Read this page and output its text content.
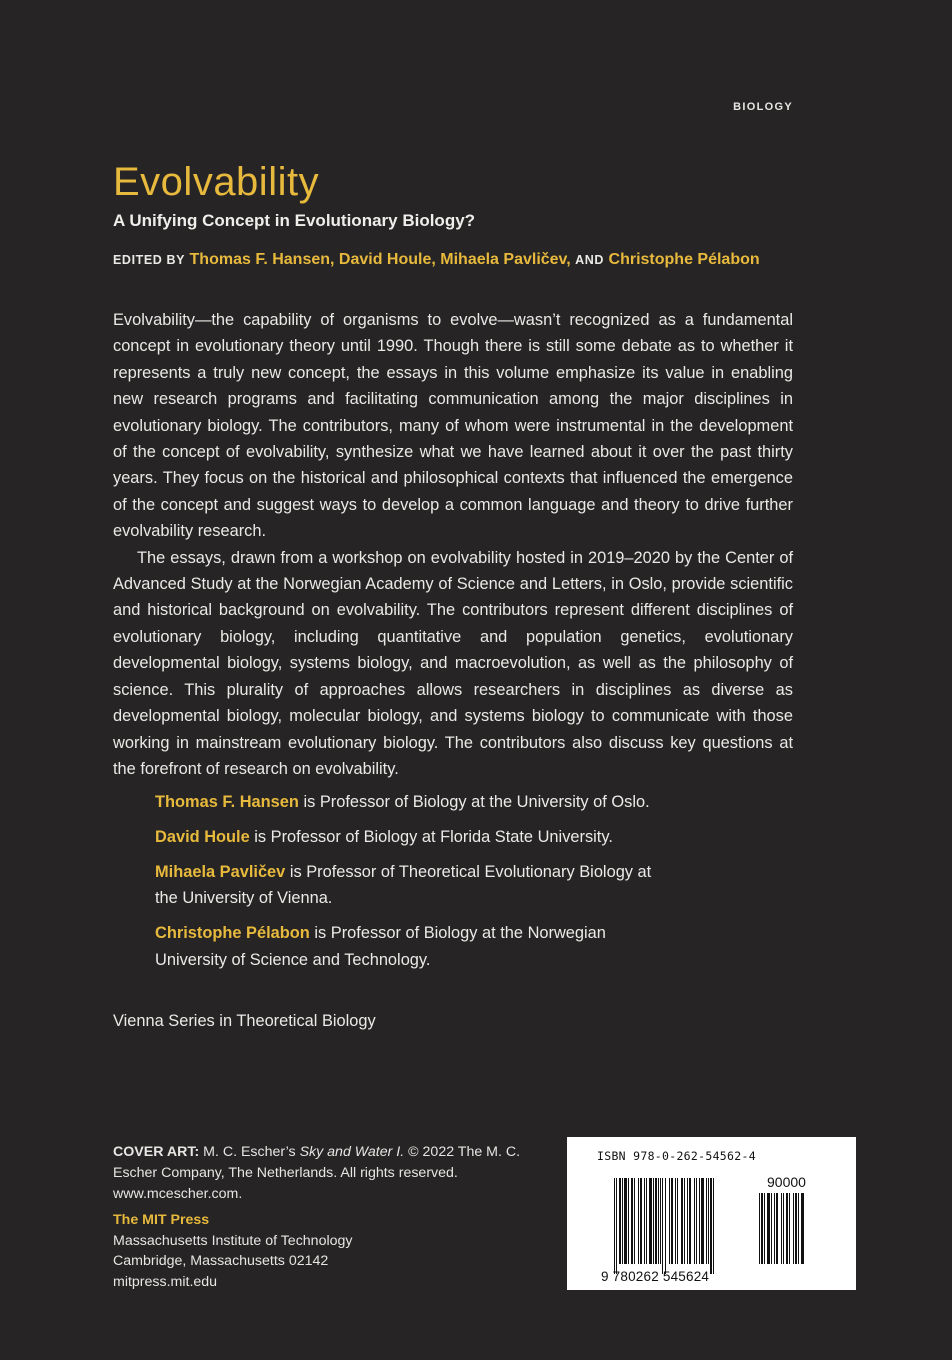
BIOLOGY
Evolvability
A Unifying Concept in Evolutionary Biology?
EDITED BY Thomas F. Hansen, David Houle, Mihaela Pavličev, AND Christophe Pélabon

Evolvability—the capability of organisms to evolve—wasn’t recognized as a fundamental concept in evolutionary theory until 1990. Though there is still some debate as to whether it represents a truly new concept, the essays in this volume emphasize its value in enabling new research programs and facilitating communication among the major disciplines in evolutionary biology. The contributors, many of whom were instrumental in the development of the concept of evolvability, synthesize what we have learned about it over the past thirty years. They focus on the historical and philosophical contexts that influenced the emergence of the concept and suggest ways to develop a common language and theory to drive further evolvability research.

The essays, drawn from a workshop on evolvability hosted in 2019–2020 by the Center of Advanced Study at the Norwegian Academy of Science and Letters, in Oslo, provide scientific and historical background on evolvability. The contributors represent different disciplines of evolutionary biology, including quantitative and population genetics, evolutionary developmental biology, systems biology, and macroevolution, as well as the philosophy of science. This plurality of approaches allows researchers in disciplines as diverse as developmental biology, molecular biology, and systems biology to communicate with those working in mainstream evolutionary biology. The contributors also discuss key questions at the forefront of research on evolvability.

Thomas F. Hansen is Professor of Biology at the University of Oslo.
David Houle is Professor of Biology at Florida State University.
Mihaela Pavličev is Professor of Theoretical Evolutionary Biology at the University of Vienna.
Christophe Pélabon is Professor of Biology at the Norwegian University of Science and Technology.
Vienna Series in Theoretical Biology
COVER ART: M. C. Escher’s Sky and Water I. © 2022 The M. C. Escher Company, The Netherlands. All rights reserved. www.mcescher.com.
The MIT Press
Massachusetts Institute of Technology
Cambridge, Massachusetts 02142
mitpress.mit.edu
ISBN 978-0-262-54562-4
90000
9 780262 545624
